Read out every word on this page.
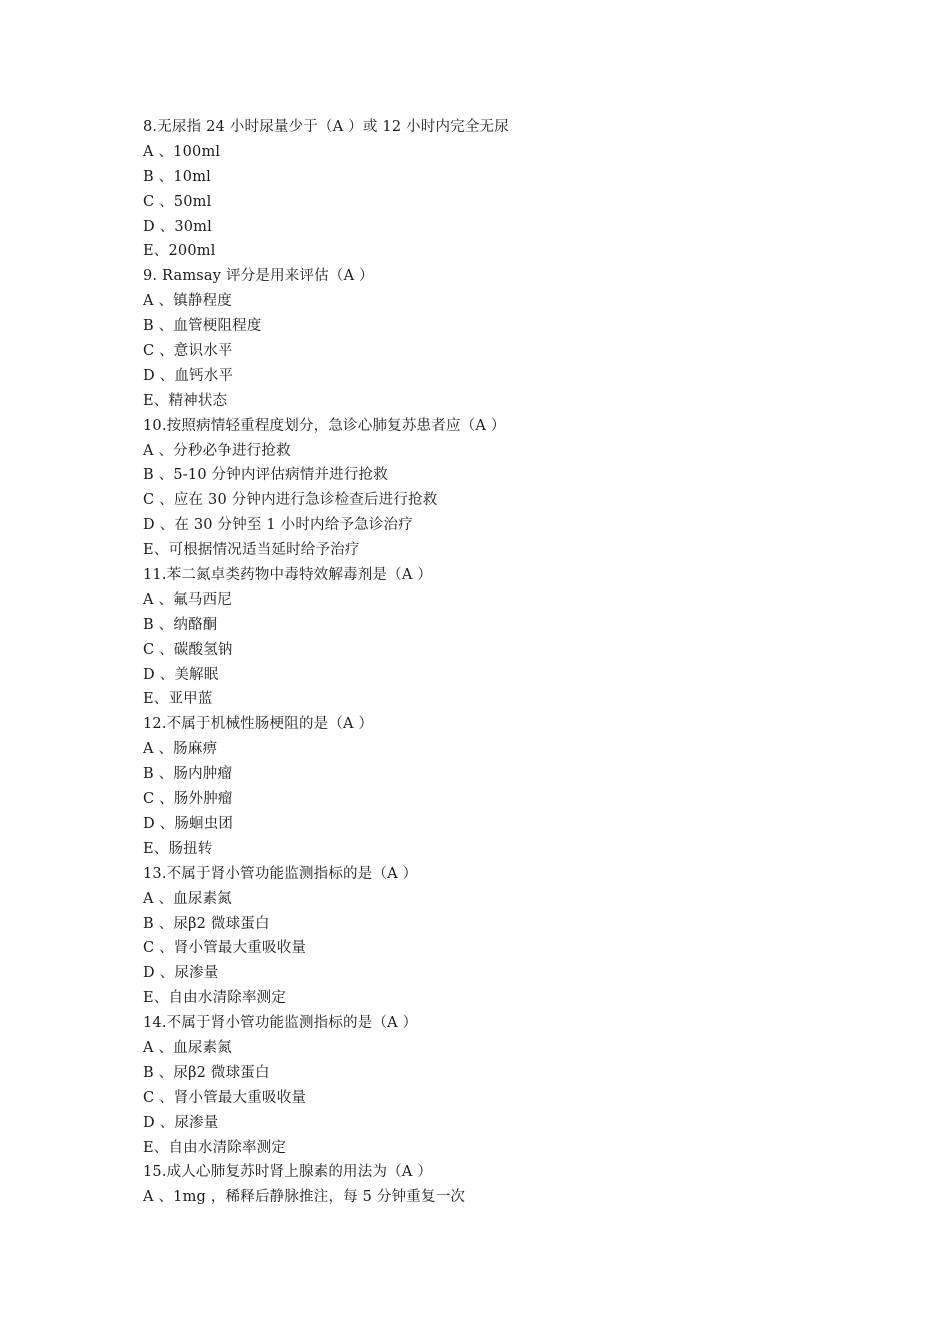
8.无尿指 24 小时尿量少于（A ）或 12 小时内完全无尿
A 、100ml
B 、10ml
C 、50ml
D 、30ml
E、200ml
9. Ramsay 评分是用来评估（A ）
A 、镇静程度
B 、血管梗阻程度
C 、意识水平
D 、血钙水平
E、精神状态
10.按照病情轻重程度划分，急诊心肺复苏患者应（A ）
A 、分秒必争进行抢救
B 、5-10 分钟内评估病情并进行抢救
C 、应在 30 分钟内进行急诊检查后进行抢救
D 、在 30 分钟至 1 小时内给予急诊治疗
E、可根据情况适当延时给予治疗
11.苯二氮卓类药物中毒特效解毒剂是（A ）
A 、氟马西尼
B 、纳酪酮
C 、碳酸氢钠
D 、美解眠
E、亚甲蓝
12.不属于机械性肠梗阻的是（A ）
A 、肠麻痹
B 、肠内肿瘤
C 、肠外肿瘤
D 、肠蛔虫团
E、肠扭转
13.不属于肾小管功能监测指标的是（A ）
A 、血尿素氮
B 、尿β2 微球蛋白
C 、肾小管最大重吸收量
D 、尿渗量
E、自由水清除率测定
14.不属于肾小管功能监测指标的是（A ）
A 、血尿素氮
B 、尿β2 微球蛋白
C 、肾小管最大重吸收量
D 、尿渗量
E、自由水清除率测定
15.成人心肺复苏时肾上腺素的用法为（A ）
A 、1mg ，稀释后静脉推注，每 5 分钟重复一次
